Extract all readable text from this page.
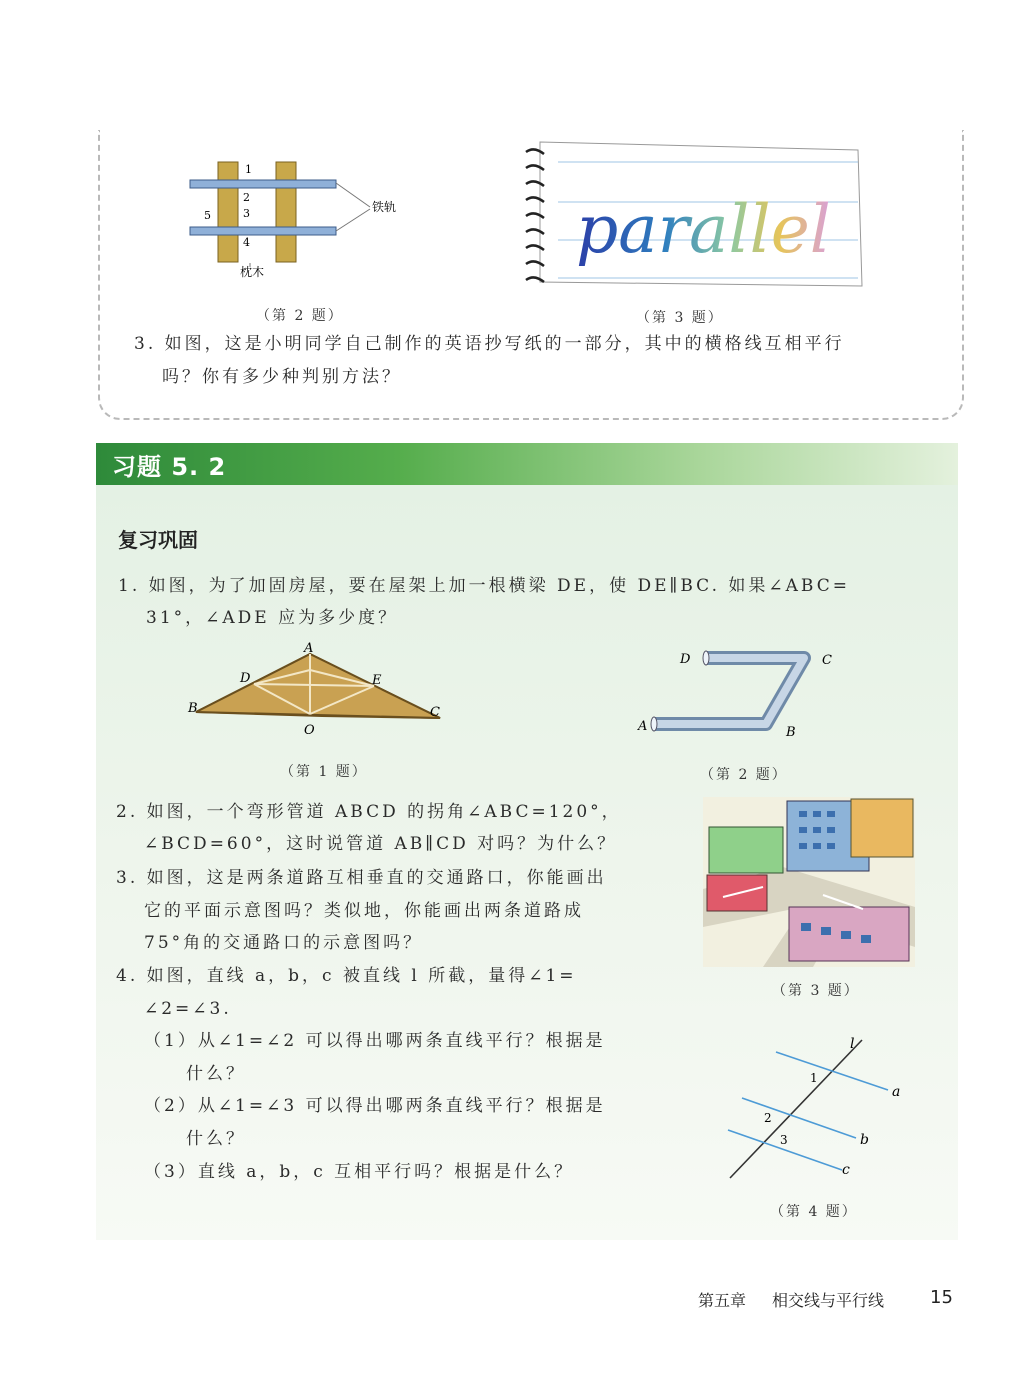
1
2
3
4
5
铁轨
枕木
（第 2 题）
parallel
（第 3 题）
3. 如图，这是小明同学自己制作的英语抄写纸的一部分，其中的横格线互相平行
吗？你有多少种判别方法？
习题 5. 2
复习巩固
1. 如图，为了加固房屋，要在屋架上加一根横梁 DE，使 DE∥BC. 如果∠ABC=
31°，∠ADE 应为多少度？
A
D	E
B
O
C
（第 1 题）
D	C
A	B
（第 2 题）
2. 如图，一个弯形管道 ABCD 的拐角∠ABC=120°，
∠BCD=60°，这时说管道 AB∥CD 对吗？为什么？
3. 如图，这是两条道路互相垂直的交通路口，你能画出
它的平面示意图吗？类似地，你能画出两条道路成
75°角的交通路口的示意图吗？
（第 3 题）
4. 如图，直线 a，b，c 被直线 l 所截，量得∠1=
∠2=∠3.
（1）从∠1=∠2 可以得出哪两条直线平行？根据是
什么？
（2）从∠1=∠3 可以得出哪两条直线平行？根据是
什么？
（3）直线 a，b，c 互相平行吗？根据是什么？
l
a
b
c
1
2
3
（第 4 题）
第五章 相交线与平行线	15
